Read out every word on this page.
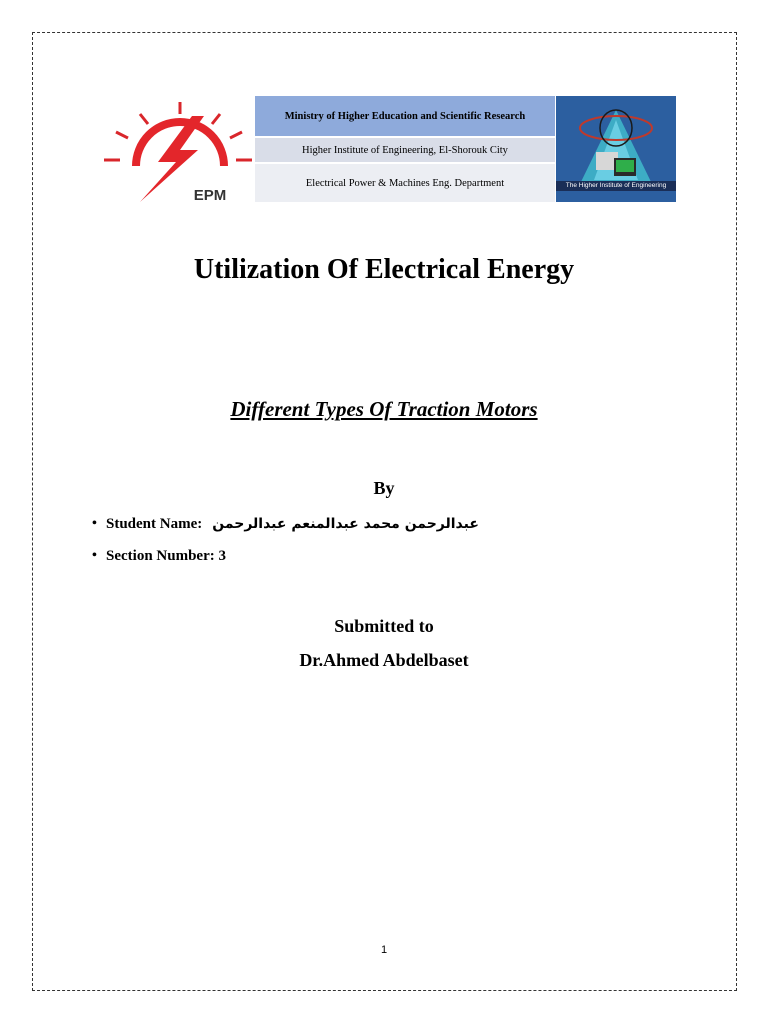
EPM
Ministry of Higher Education and Scientific Research
Higher Institute of Engineering, El-Shorouk City
Electrical Power & Machines Eng. Department	The Higher Institute of Engineering
Utilization Of Electrical Energy
Different Types Of Traction Motors
By
• Student Name: عبدالرحمن محمد عبدالمنعم عبدالرحمن
• Section Number: 3
Submitted to
Dr.Ahmed Abdelbaset
1
